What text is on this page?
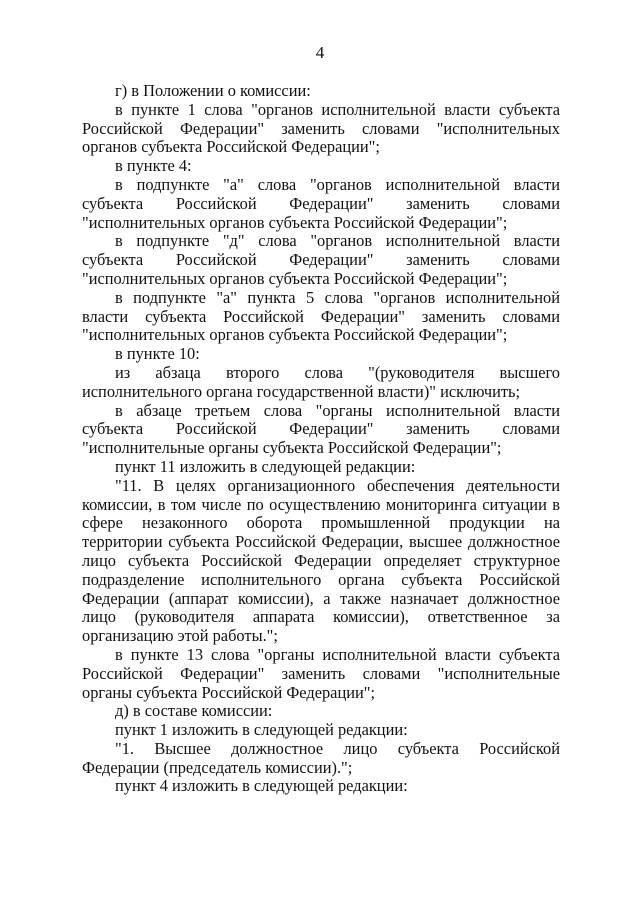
4

г) в Положении о комиссии:

в пункте 1 слова "органов исполнительной власти субъекта Российской Федерации" заменить словами "исполнительных органов субъекта Российской Федерации";

в пункте 4:

в подпункте "а" слова "органов исполнительной власти субъекта Российской Федерации" заменить словами "исполнительных органов субъекта Российской Федерации";

в подпункте "д" слова "органов исполнительной власти субъекта Российской Федерации" заменить словами "исполнительных органов субъекта Российской Федерации";

в подпункте "а" пункта 5 слова "органов исполнительной власти субъекта Российской Федерации" заменить словами "исполнительных органов субъекта Российской Федерации";

в пункте 10:

из абзаца второго слова "(руководителя высшего исполнительного органа государственной власти)" исключить;

в абзаце третьем слова "органы исполнительной власти субъекта Российской Федерации" заменить словами "исполнительные органы субъекта Российской Федерации";

пункт 11 изложить в следующей редакции:

"11. В целях организационного обеспечения деятельности комиссии, в том числе по осуществлению мониторинга ситуации в сфере незаконного оборота промышленной продукции на территории субъекта Российской Федерации, высшее должностное лицо субъекта Российской Федерации определяет структурное подразделение исполнительного органа субъекта Российской Федерации (аппарат комиссии), а также назначает должностное лицо (руководителя аппарата комиссии), ответственное за организацию этой работы.";

в пункте 13 слова "органы исполнительной власти субъекта Российской Федерации" заменить словами "исполнительные органы субъекта Российской Федерации";

д) в составе комиссии:

пункт 1 изложить в следующей редакции:

"1. Высшее должностное лицо субъекта Российской Федерации (председатель комиссии).";

пункт 4 изложить в следующей редакции:
